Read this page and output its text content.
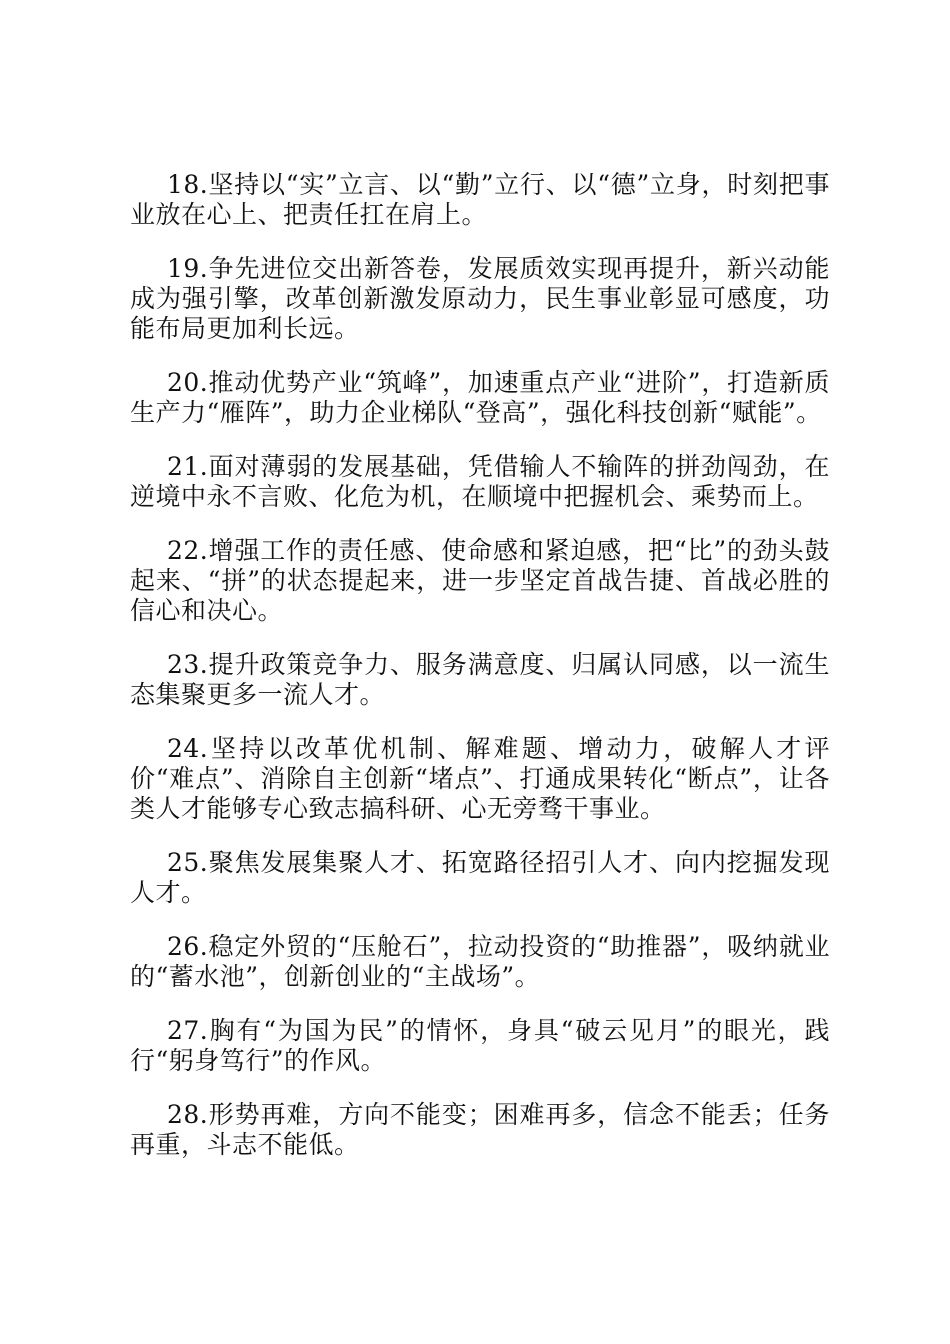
18.坚持以“实”立言、以“勤”立行、以“德”立身，时刻把事业放在心上、把责任扛在肩上。

19.争先进位交出新答卷，发展质效实现再提升，新兴动能成为强引擎，改革创新激发原动力，民生事业彰显可感度，功能布局更加利长远。

20.推动优势产业“筑峰”，加速重点产业“进阶”，打造新质生产力“雁阵”，助力企业梯队“登高”，强化科技创新“赋能”。

21.面对薄弱的发展基础，凭借输人不输阵的拼劲闯劲，在逆境中永不言败、化危为机，在顺境中把握机会、乘势而上。

22.增强工作的责任感、使命感和紧迫感，把“比”的劲头鼓起来、“拼”的状态提起来，进一步坚定首战告捷、首战必胜的信心和决心。

23.提升政策竞争力、服务满意度、归属认同感，以一流生态集聚更多一流人才。

24.坚持以改革优机制、解难题、增动力，破解人才评价“难点”、消除自主创新“堵点”、打通成果转化“断点”，让各类人才能够专心致志搞科研、心无旁骛干事业。

25.聚焦发展集聚人才、拓宽路径招引人才、向内挖掘发现人才。

26.稳定外贸的“压舱石”，拉动投资的“助推器”，吸纳就业的“蓄水池”，创新创业的“主战场”。

27.胸有“为国为民”的情怀，身具“破云见月”的眼光，践行“躬身笃行”的作风。

28.形势再难，方向不能变；困难再多，信念不能丢；任务再重，斗志不能低。
